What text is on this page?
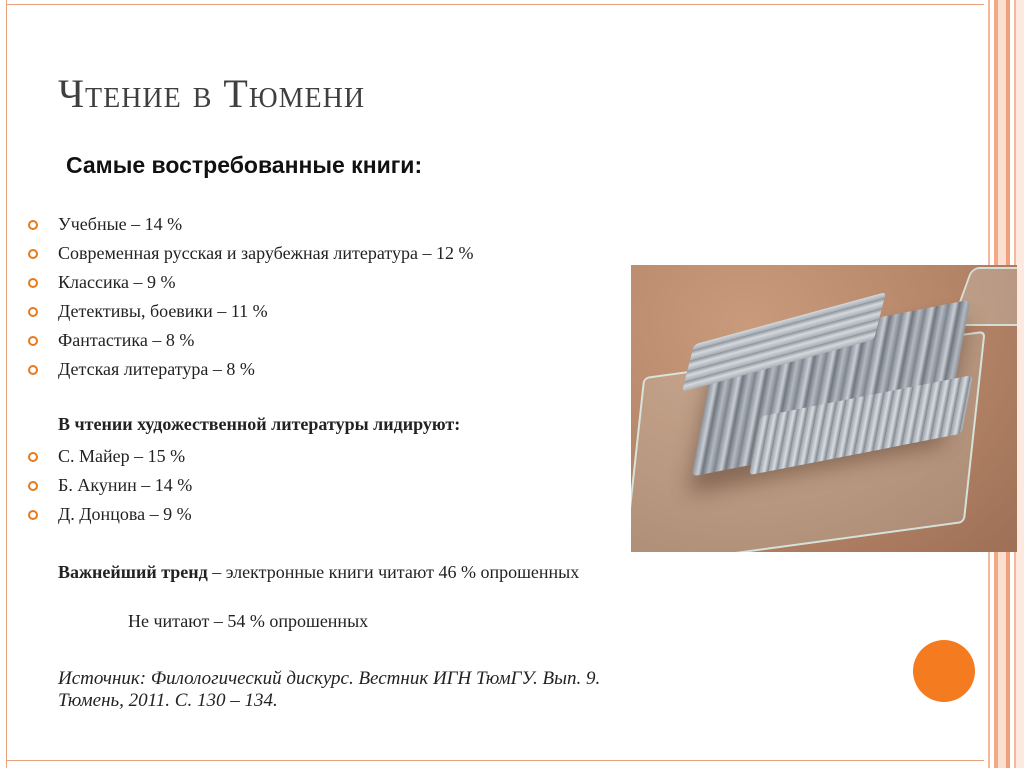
Чтение в Тюмени
Самые востребованные книги:
Учебные – 14 %
Современная русская и зарубежная литература – 12 %
Классика – 9 %
Детективы, боевики – 11 %
Фантастика – 8 %
Детская литература – 8 %
В чтении художественной литературы лидируют:
С. Майер – 15 %
Б. Акунин – 14 %
Д. Донцова – 9 %
Важнейший тренд – электронные книги читают 46 % опрошенных
Не читают – 54 % опрошенных
Источник: Филологический дискурс. Вестник ИГН ТюмГУ. Вып. 9. Тюмень, 2011. С. 130 – 134.
